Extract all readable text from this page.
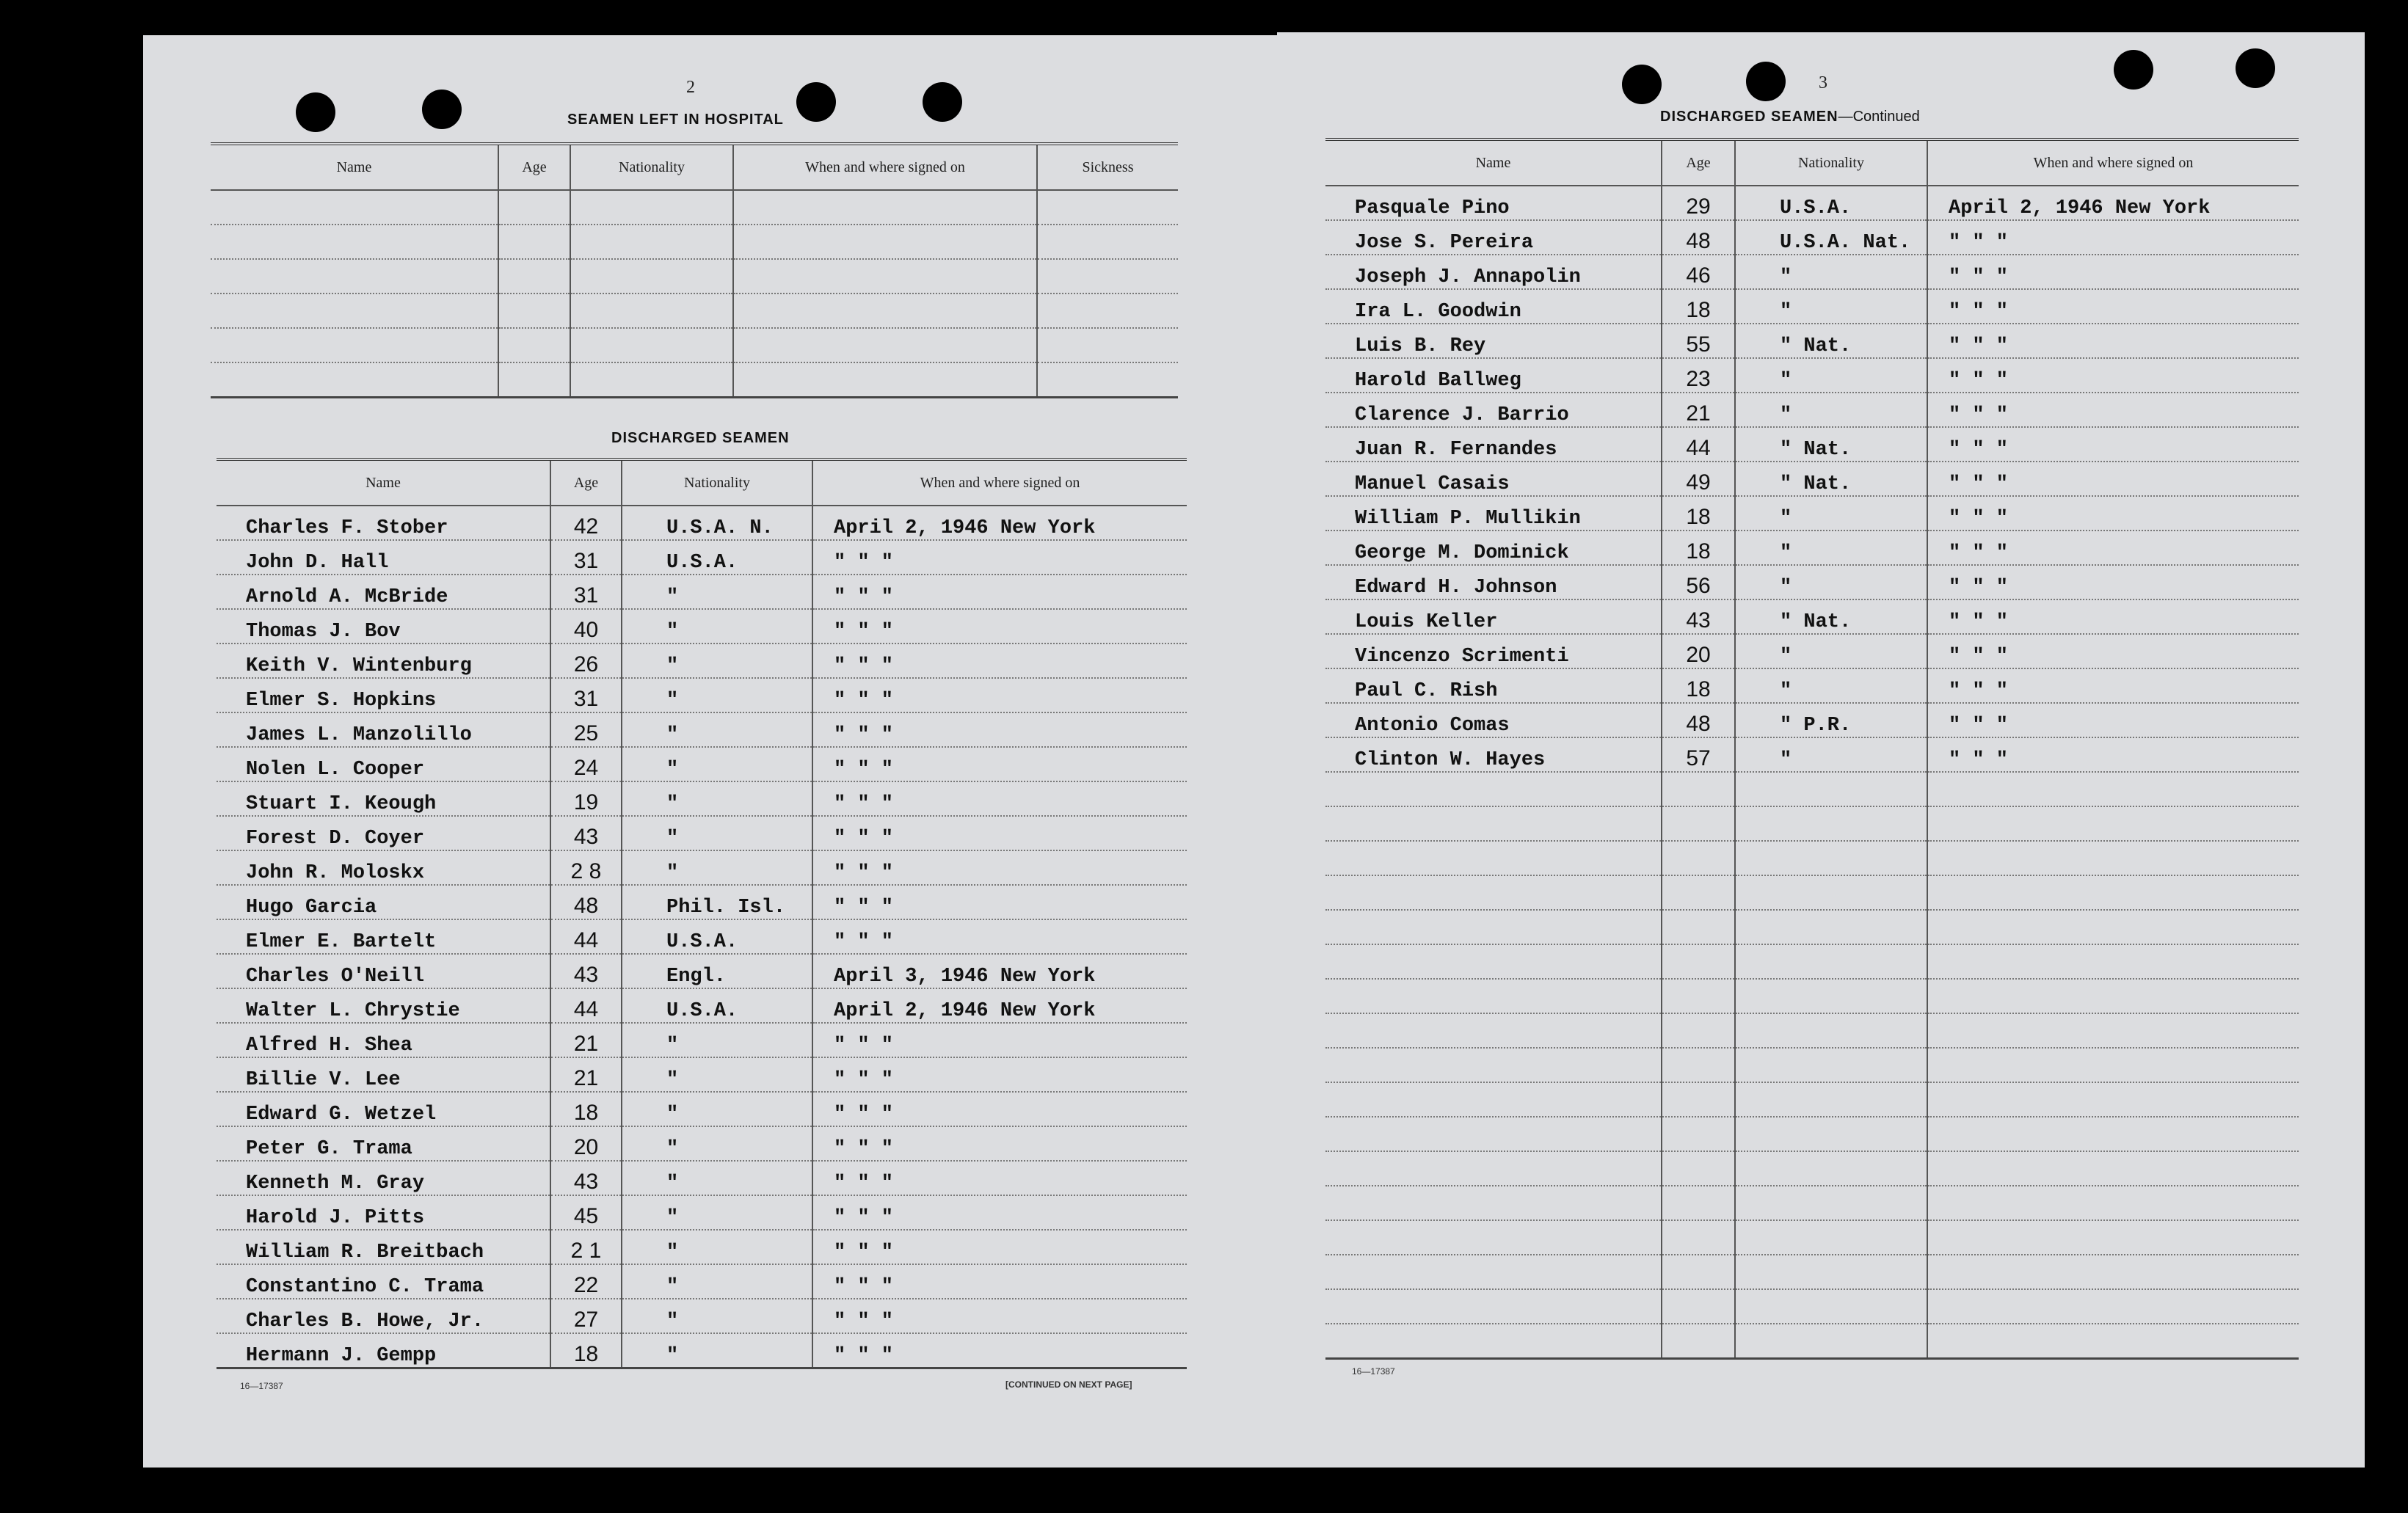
2
SEAMEN LEFT IN HOSPITAL
Name	Age	Nationality	When and where signed on	Sickness

DISCHARGED SEAMEN
Name	Age	Nationality	When and where signed on
Charles F. Stober	42	U.S.A. N.	April 2, 1946 New York
John D. Hall	31	U.S.A.	" " "
Arnold A. McBride	31	"	" " "
Thomas J. Bov	40	"	" " "
Keith V. Wintenburg	26	"	" " "
Elmer S. Hopkins	31	"	" " "
James L. Manzolillo	25	"	" " "
Nolen L. Cooper	24	"	" " "
Stuart I. Keough	19	"	" " "
Forest D. Coyer	43	"	" " "
John R. Moloskx	2 8	"	" " "
Hugo Garcia	48	Phil. Isl.	" " "
Elmer E. Bartelt	44	U.S.A.	" " "
Charles O'Neill	43	Engl.	April 3, 1946 New York
Walter L. Chrystie	44	U.S.A.	April 2, 1946 New York
Alfred H. Shea	21	"	" " "
Billie V. Lee	21	"	" " "
Edward G. Wetzel	18	"	" " "
Peter G. Trama	20	"	" " "
Kenneth M. Gray	43	"	" " "
Harold J. Pitts	45	"	" " "
William R. Breitbach	2 1	"	" " "
Constantino C. Trama	22	"	" " "
Charles B. Howe, Jr.	27	"	" " "
Hermann J. Gempp	18	"	" " "
16—17387	[CONTINUED ON NEXT PAGE]
3
DISCHARGED SEAMEN—Continued
Name	Age	Nationality	When and where signed on
Pasquale Pino	29	U.S.A.	April 2, 1946 New York
Jose S. Pereira	48	U.S.A. Nat.	" " "
Joseph J. Annapolin	46	"	" " "
Ira L. Goodwin	18	"	" " "
Luis B. Rey	55	" Nat.	" " "
Harold Ballweg	23	"	" " "
Clarence J. Barrio	21	"	" " "
Juan R. Fernandes	44	" Nat.	" " "
Manuel Casais	49	" Nat.	" " "
William P. Mullikin	18	"	" " "
George M. Dominick	18	"	" " "
Edward H. Johnson	56	"	" " "
Louis Keller	43	" Nat.	" " "
Vincenzo Scrimenti	20	"	" " "
Paul C. Rish	18	"	" " "
Antonio Comas	48	" P.R.	" " "
Clinton W. Hayes	57	"	" " "

16—17387
